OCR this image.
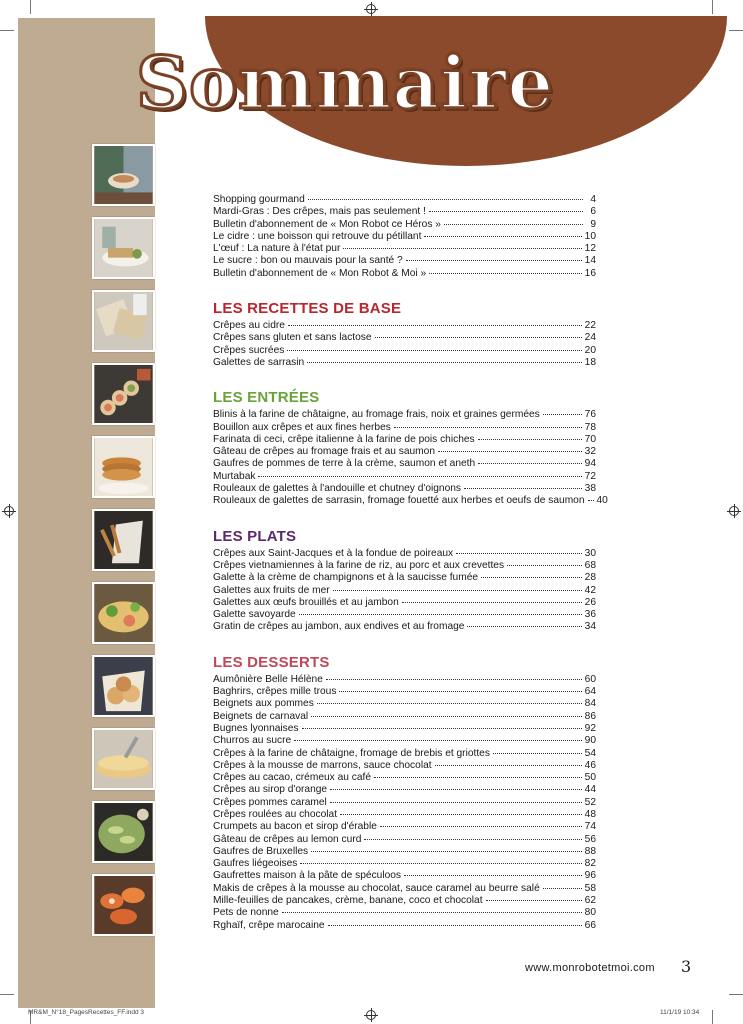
Sommaire
Shopping gourmand	4
Mardi-Gras : Des crêpes, mais pas seulement !	6
Bulletin d'abonnement de « Mon Robot ce Héros »	9
Le cidre : une boisson qui retrouve du pétillant	10
L'œuf : La nature à l'état pur	12
Le sucre : bon ou mauvais pour la santé ?	14
Bulletin d'abonnement de « Mon Robot & Moi »	16
LES RECETTES DE BASE
Crêpes au cidre	22
Crêpes sans gluten et sans lactose	24
Crêpes sucrées	20
Galettes de sarrasin	18
LES ENTRÉES
Blinis à la farine de châtaigne, au fromage frais, noix et graines germées	76
Bouillon aux crêpes et aux fines herbes	78
Farinata di ceci, crêpe italienne à la farine de pois chiches	70
Gâteau de crêpes au fromage frais et au saumon	32
Gaufres de pommes de terre à la crème, saumon et aneth	94
Murtabak	72
Rouleaux de galettes à l'andouille et chutney d'oignons	38
Rouleaux de galettes de sarrasin, fromage fouetté aux herbes et oeufs de saumon 40
LES PLATS
Crêpes aux Saint-Jacques et à la fondue de poireaux	30
Crêpes vietnamiennes à la farine de riz, au porc et aux crevettes	68
Galette à la crème de champignons et à la saucisse fumée	28
Galettes aux fruits de mer	42
Galettes aux œufs brouillés et au jambon	26
Galette savoyarde	36
Gratin de crêpes au jambon, aux endives et au fromage	34
LES DESSERTS
Aumônière Belle Hélène	60
Baghrirs, crêpes mille trous	64
Beignets aux pommes	84
Beignets de carnaval	86
Bugnes lyonnaises	92
Churros au sucre	90
Crêpes à la farine de châtaigne, fromage de brebis et griottes	54
Crêpes à la mousse de marrons, sauce chocolat	46
Crêpes au cacao, crémeux au café	50
Crêpes au sirop d'orange	44
Crêpes pommes caramel	52
Crêpes roulées au chocolat	48
Crumpets au bacon et sirop d'érable	74
Gâteau de crêpes au lemon curd	56
Gaufres de Bruxelles	88
Gaufres liégeoises	82
Gaufrettes maison à la pâte de spéculoos	96
Makis de crêpes à la mousse au chocolat, sauce caramel au beurre salé	58
Mille-feuilles de pancakes, crème, banane, coco et chocolat	62
Pets de nonne	80
Rghaïf, crêpe marocaine	66
www.monrobotetmoi.com 3
MR&M_N°18_PagesRecettes_FF.indd 3	11/1/19 10:34
